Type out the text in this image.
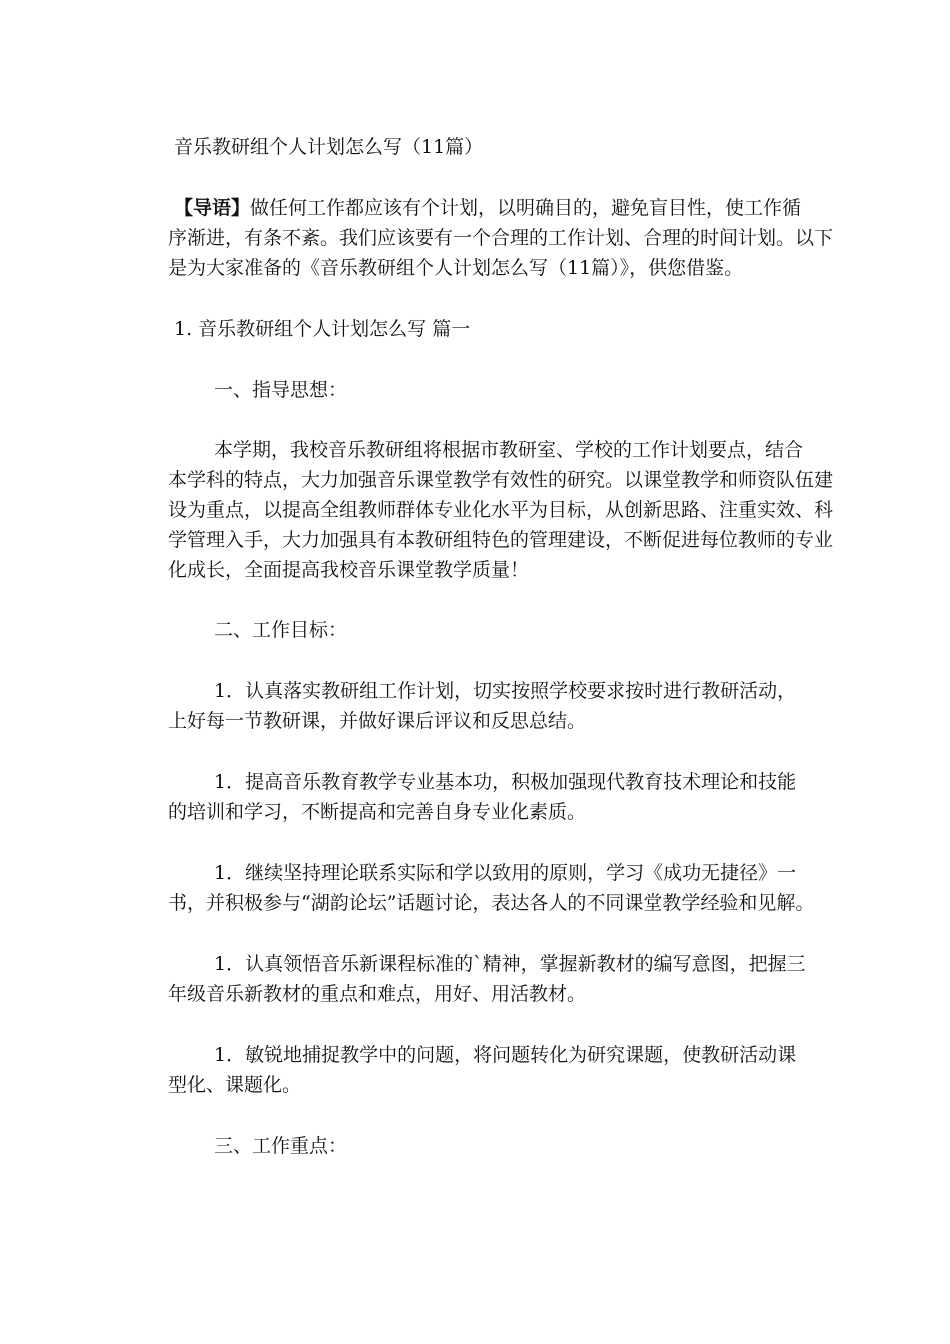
音乐教研组个人计划怎么写（11篇）

【导语】做任何工作都应该有个计划，以明确目的，避免盲目性，使工作循

序渐进，有条不紊。我们应该要有一个合理的工作计划、合理的时间计划。以下

是为大家准备的《音乐教研组个人计划怎么写（11篇）》，供您借鉴。

1. 音乐教研组个人计划怎么写 篇一

一、指导思想：

本学期，我校音乐教研组将根据市教研室、学校的工作计划要点，结合

本学科的特点，大力加强音乐课堂教学有效性的研究。以课堂教学和师资队伍建

设为重点，以提高全组教师群体专业化水平为目标，从创新思路、注重实效、科

学管理入手，大力加强具有本教研组特色的管理建设，不断促进每位教师的专业

化成长，全面提高我校音乐课堂教学质量！

二、工作目标：

1．认真落实教研组工作计划，切实按照学校要求按时进行教研活动，

上好每一节教研课，并做好课后评议和反思总结。

1．提高音乐教育教学专业基本功，积极加强现代教育技术理论和技能

的培训和学习，不断提高和完善自身专业化素质。

1．继续坚持理论联系实际和学以致用的原则，学习《成功无捷径》一

书，并积极参与“湖韵论坛”话题讨论，表达各人的不同课堂教学经验和见解。

1．认真领悟音乐新课程标准的`精神，掌握新教材的编写意图，把握三

年级音乐新教材的重点和难点，用好、用活教材。

1．敏锐地捕捉教学中的问题，将问题转化为研究课题，使教研活动课

型化、课题化。

三、工作重点：
